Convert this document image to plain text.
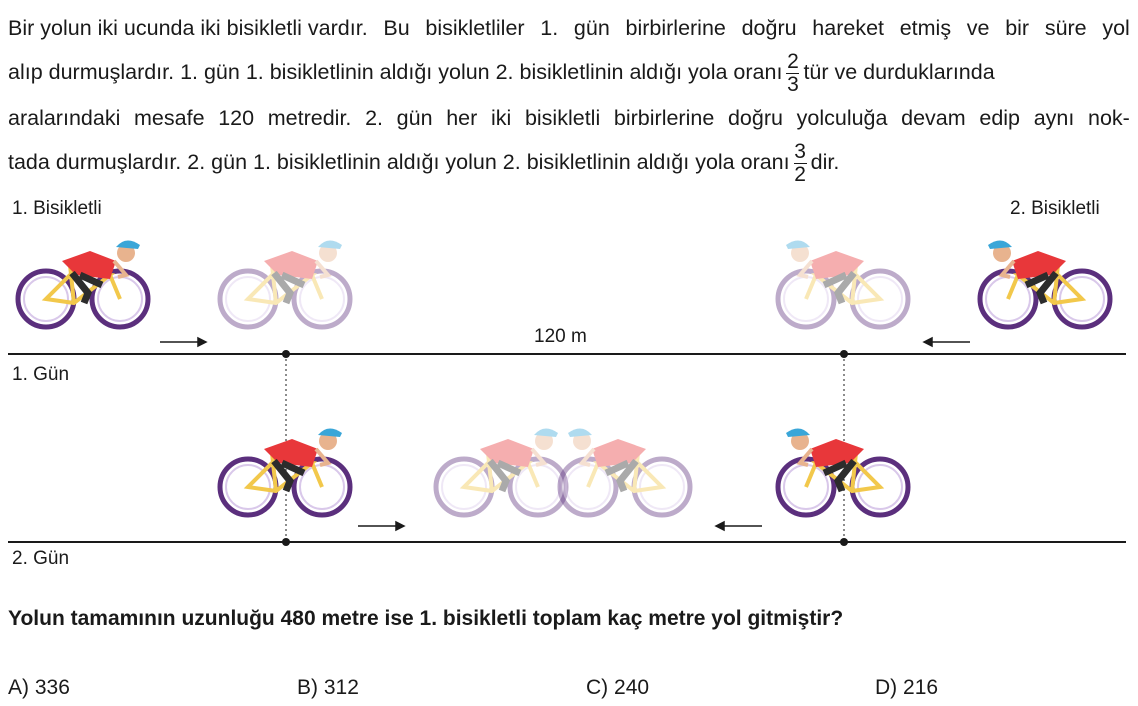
Bir yolun iki ucunda iki bisikletli vardır. Bu bisikletliler 1. gün birbirlerine doğru hareket etmiş ve bir süre yol
alıp durmuşlardır. 1. gün 1. bisikletlinin aldığı yolun 2. bisikletlinin aldığı yola oranı $\frac{2}{3}$ tür ve durduklarında
aralarındaki mesafe 120 metredir. 2. gün her iki bisikletli birbirlerine doğru yolculuğa devam edip aynı nok-
tada durmuşlardır. 2. gün 1. bisikletlinin aldığı yolun 2. bisikletlinin aldığı yola oranı $\frac{3}{2}$ dir.
1. Bisikletli	2. Bisikletli
120 m
1. Gün
2. Gün

Yolun tamamının uzunluğu 480 metre ise 1. bisikletli toplam kaç metre yol gitmiştir?

A) 336	B) 312	C) 240	D) 216
